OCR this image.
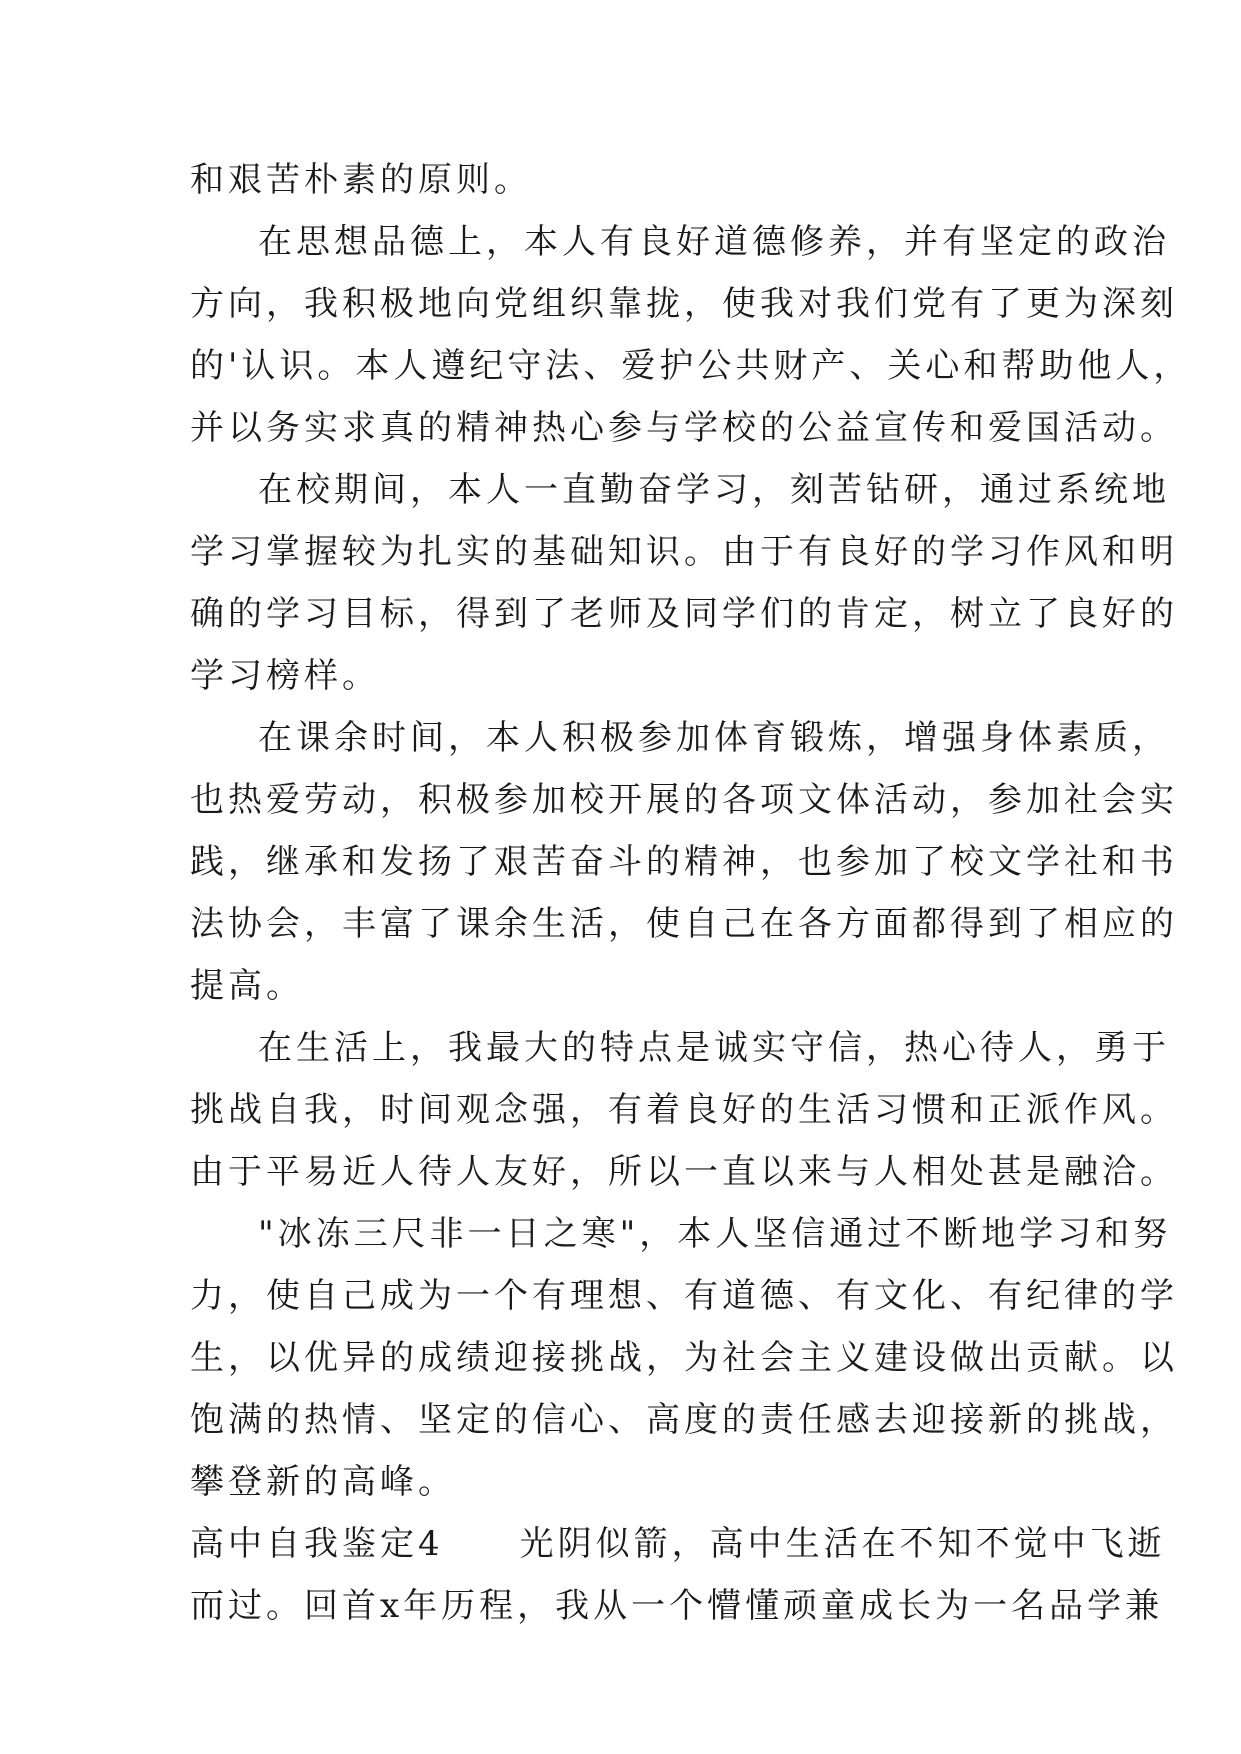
和艰苦朴素的原则。
在思想品德上，本人有良好道德修养，并有坚定的政治
方向，我积极地向党组织靠拢，使我对我们党有了更为深刻
的'认识。本人遵纪守法、爱护公共财产、关心和帮助他人，
并以务实求真的精神热心参与学校的公益宣传和爱国活动。
在校期间，本人一直勤奋学习，刻苦钻研，通过系统地
学习掌握较为扎实的基础知识。由于有良好的学习作风和明
确的学习目标，得到了老师及同学们的肯定，树立了良好的
学习榜样。
在课余时间，本人积极参加体育锻炼，增强身体素质，
也热爱劳动，积极参加校开展的各项文体活动，参加社会实
践，继承和发扬了艰苦奋斗的精神，也参加了校文学社和书
法协会，丰富了课余生活，使自己在各方面都得到了相应的
提高。
在生活上，我最大的特点是诚实守信，热心待人，勇于
挑战自我，时间观念强，有着良好的生活习惯和正派作风。
由于平易近人待人友好，所以一直以来与人相处甚是融洽。
"冰冻三尺非一日之寒"，本人坚信通过不断地学习和努
力，使自己成为一个有理想、有道德、有文化、有纪律的学
生，以优异的成绩迎接挑战，为社会主义建设做出贡献。以
饱满的热情、坚定的信心、高度的责任感去迎接新的挑战，
攀登新的高峰。
高中自我鉴定4　　光阴似箭，高中生活在不知不觉中飞逝
而过。回首x年历程，我从一个懵懂顽童成长为一名品学兼
